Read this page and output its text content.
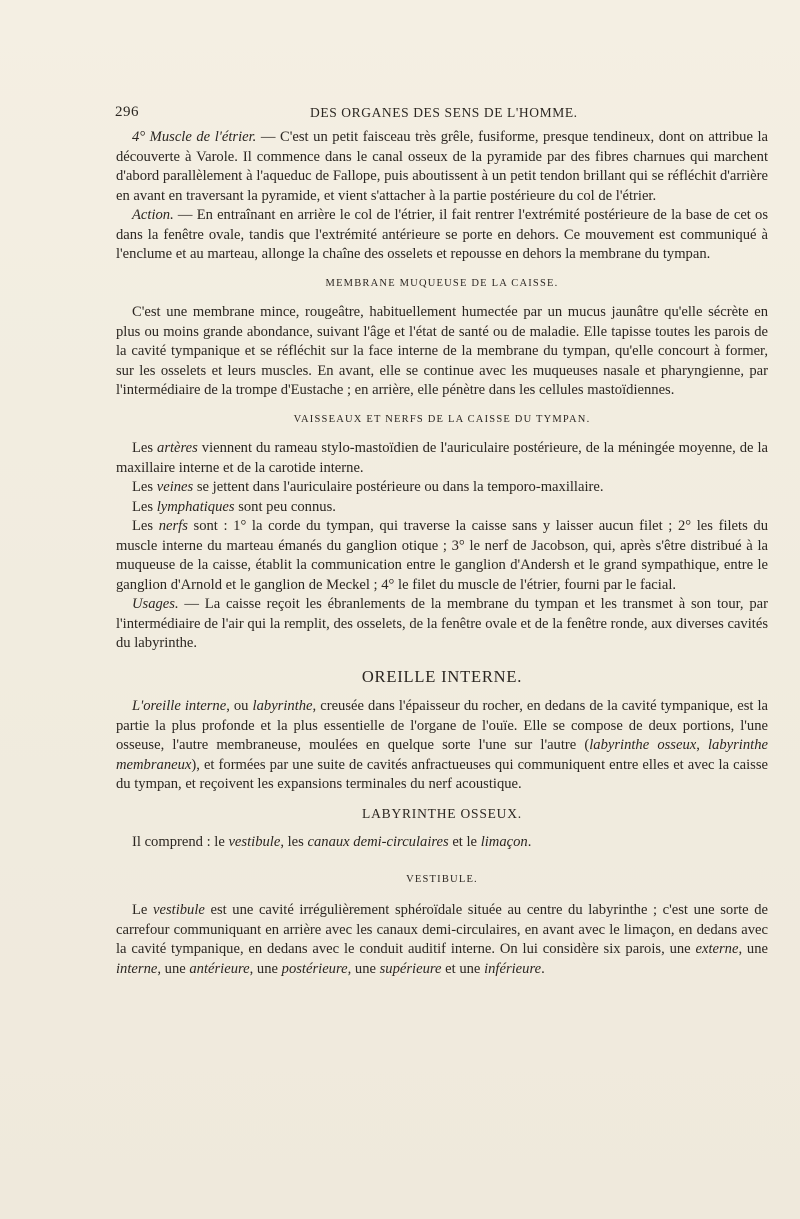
296	DES ORGANES DES SENS DE L'HOMME.

4° Muscle de l'étrier. — C'est un petit faisceau très grêle, fusiforme, presque tendineux, dont on attribue la découverte à Varole. Il commence dans le canal osseux de la pyramide par des fibres charnues qui marchent d'abord parallèlement à l'aqueduc de Fallope, puis aboutissent à un petit tendon brillant qui se réfléchit d'arrière en avant en traversant la pyramide, et vient s'attacher à la partie postérieure du col de l'étrier.

Action. — En entraînant en arrière le col de l'étrier, il fait rentrer l'extrémité postérieure de la base de cet os dans la fenêtre ovale, tandis que l'extrémité antérieure se porte en dehors. Ce mouvement est communiqué à l'enclume et au marteau, allonge la chaîne des osselets et repousse en dehors la membrane du tympan.

MEMBRANE MUQUEUSE DE LA CAISSE.

C'est une membrane mince, rougeâtre, habituellement humectée par un mucus jaunâtre qu'elle sécrète en plus ou moins grande abondance, suivant l'âge et l'état de santé ou de maladie. Elle tapisse toutes les parois de la cavité tympanique et se réfléchit sur la face interne de la membrane du tympan, qu'elle concourt à former, sur les osselets et leurs muscles. En avant, elle se continue avec les muqueuses nasale et pharyngienne, par l'intermédiaire de la trompe d'Eustache ; en arrière, elle pénètre dans les cellules mastoïdiennes.

VAISSEAUX ET NERFS DE LA CAISSE DU TYMPAN.

Les artères viennent du rameau stylo-mastoïdien de l'auriculaire postérieure, de la méningée moyenne, de la maxillaire interne et de la carotide interne.

Les veines se jettent dans l'auriculaire postérieure ou dans la temporo-maxillaire.

Les lymphatiques sont peu connus.

Les nerfs sont : 1° la corde du tympan, qui traverse la caisse sans y laisser aucun filet ; 2° les filets du muscle interne du marteau émanés du ganglion otique ; 3° le nerf de Jacobson, qui, après s'être distribué à la muqueuse de la caisse, établit la communication entre le ganglion d'Andersh et le grand sympathique, entre le ganglion d'Arnold et le ganglion de Meckel ; 4° le filet du muscle de l'étrier, fourni par le facial.

Usages. — La caisse reçoit les ébranlements de la membrane du tympan et les transmet à son tour, par l'intermédiaire de l'air qui la remplit, des osselets, de la fenêtre ovale et de la fenêtre ronde, aux diverses cavités du labyrinthe.

OREILLE INTERNE.

L'oreille interne, ou labyrinthe, creusée dans l'épaisseur du rocher, en dedans de la cavité tympanique, est la partie la plus profonde et la plus essentielle de l'organe de l'ouïe. Elle se compose de deux portions, l'une osseuse, l'autre membraneuse, moulées en quelque sorte l'une sur l'autre (labyrinthe osseux, labyrinthe membraneux), et formées par une suite de cavités anfractueuses qui communiquent entre elles et avec la caisse du tympan, et reçoivent les expansions terminales du nerf acoustique.

LABYRINTHE OSSEUX.

Il comprend : le vestibule, les canaux demi-circulaires et le limaçon.

VESTIBULE.

Le vestibule est une cavité irrégulièrement sphéroïdale située au centre du labyrinthe ; c'est une sorte de carrefour communiquant en arrière avec les canaux demi-circulaires, en avant avec le limaçon, en dedans avec la cavité tympanique, en dedans avec le conduit auditif interne. On lui considère six parois, une externe, une interne, une antérieure, une postérieure, une supérieure et une inférieure.
